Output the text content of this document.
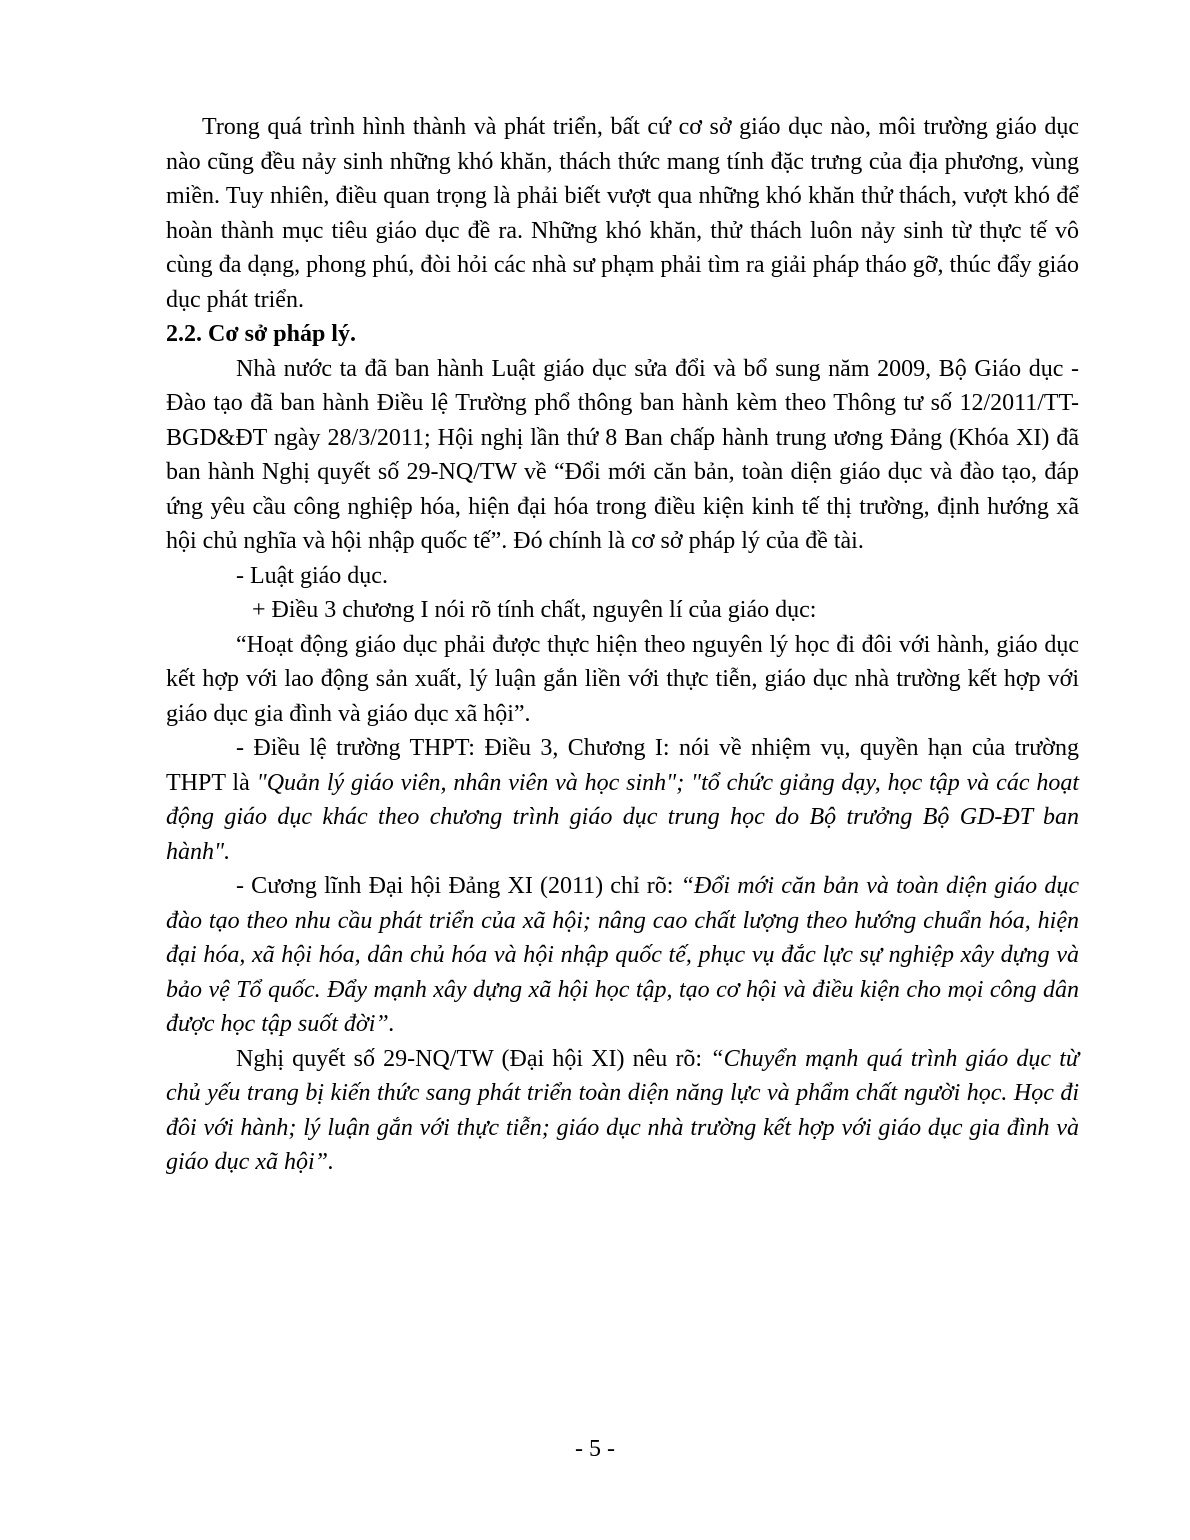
Trong quá trình hình thành và phát triển, bất cứ cơ sở giáo dục nào, môi trường giáo dục nào cũng đều nảy sinh những khó khăn, thách thức mang tính đặc trưng của địa phương, vùng miền. Tuy nhiên, điều quan trọng là phải biết vượt qua những khó khăn thử thách, vượt khó để hoàn thành mục tiêu giáo dục đề ra. Những khó khăn, thử thách luôn nảy sinh từ thực tế vô cùng đa dạng, phong phú, đòi hỏi các nhà sư phạm phải tìm ra giải pháp tháo gỡ, thúc đẩy giáo dục phát triển.

2.2. Cơ sở pháp lý.

Nhà nước ta đã ban hành Luật giáo dục sửa đổi và bổ sung năm 2009, Bộ Giáo dục - Đào tạo đã ban hành Điều lệ Trường phổ thông ban hành kèm theo Thông tư số 12/2011/TT-BGD&ĐT ngày 28/3/2011; Hội nghị lần thứ 8 Ban chấp hành trung ương Đảng (Khóa XI) đã ban hành Nghị quyết số 29-NQ/TW về “Đổi mới căn bản, toàn diện giáo dục và đào tạo, đáp ứng yêu cầu công nghiệp hóa, hiện đại hóa trong điều kiện kinh tế thị trường, định hướng xã hội chủ nghĩa và hội nhập quốc tế”. Đó chính là cơ sở pháp lý của đề tài.

- Luật giáo dục.

+ Điều 3 chương I nói rõ tính chất, nguyên lí của giáo dục:

“Hoạt động giáo dục phải được thực hiện theo nguyên lý học đi đôi với hành, giáo dục kết hợp với lao động sản xuất, lý luận gắn liền với thực tiễn, giáo dục nhà trường kết hợp với giáo dục gia đình và giáo dục xã hội”.

- Điều lệ trường THPT: Điều 3, Chương I: nói về nhiệm vụ, quyền hạn của trường THPT là "Quản lý giáo viên, nhân viên và học sinh"; "tổ chức giảng dạy, học tập và các hoạt động giáo dục khác theo chương trình giáo dục trung học do Bộ trưởng Bộ GD-ĐT ban hành".

- Cương lĩnh Đại hội Đảng XI (2011) chỉ rõ: “Đổi mới căn bản và toàn diện giáo dục đào tạo theo nhu cầu phát triển của xã hội; nâng cao chất lượng theo hướng chuẩn hóa, hiện đại hóa, xã hội hóa, dân chủ hóa và hội nhập quốc tế, phục vụ đắc lực sự nghiệp xây dựng và bảo vệ Tổ quốc. Đẩy mạnh xây dựng xã hội học tập, tạo cơ hội và điều kiện cho mọi công dân được học tập suốt đời”.

Nghị quyết số 29-NQ/TW (Đại hội XI) nêu rõ: “Chuyển mạnh quá trình giáo dục từ chủ yếu trang bị kiến thức sang phát triển toàn diện năng lực và phẩm chất người học. Học đi đôi với hành; lý luận gắn với thực tiễn; giáo dục nhà trường kết hợp với giáo dục gia đình và giáo dục xã hội”.

- 5 -
